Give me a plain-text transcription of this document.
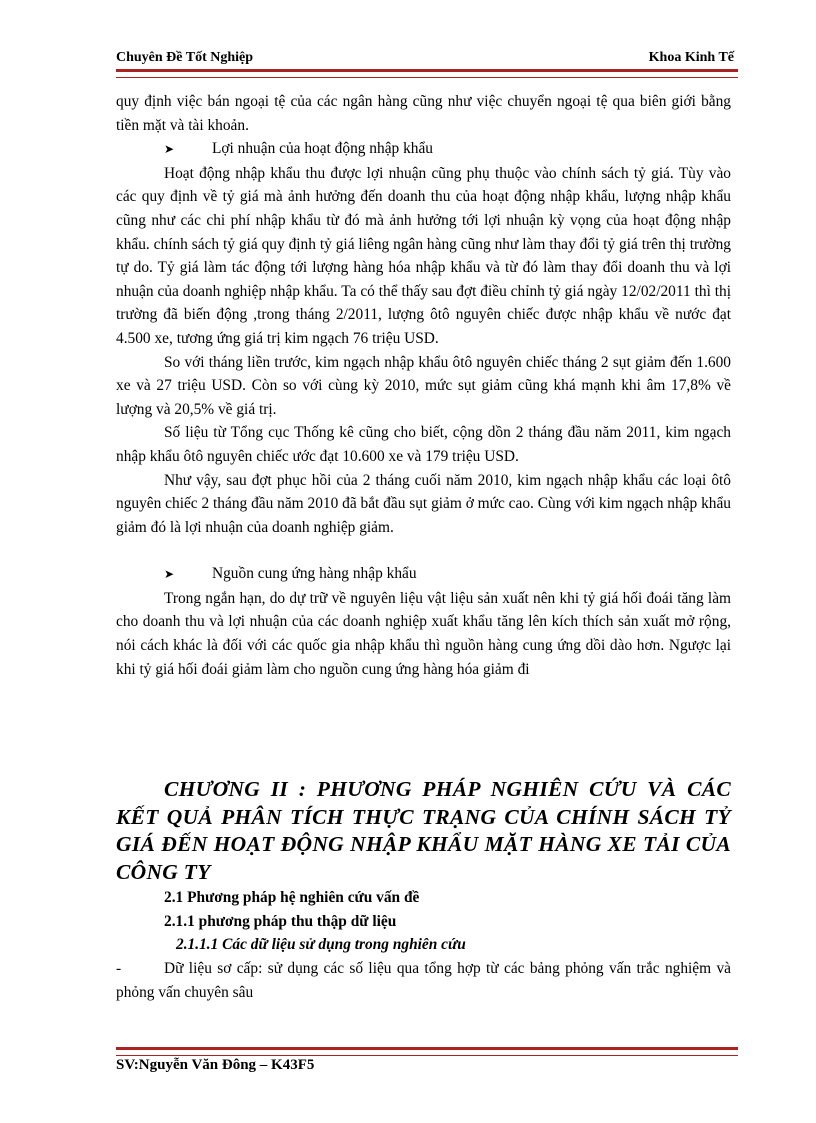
Chuyên Đề Tốt Nghiệp	Khoa Kinh Tế

quy định việc bán ngoại tệ của các ngân hàng cũng như việc chuyển ngoại tệ qua biên giới bằng tiền mặt và tài khoản.

➤ Lợi nhuận của hoạt động nhập khẩu

Hoạt động nhập khẩu thu được lợi nhuận cũng phụ thuộc vào chính sách tỷ giá. Tùy vào các quy định về tỷ giá mà ảnh hưởng đến doanh thu của hoạt động nhập khẩu, lượng nhập khẩu cũng như các chi phí nhập khẩu từ đó mà ảnh hưởng tới lợi nhuận kỳ vọng của hoạt động nhập khẩu. chính sách tỷ giá quy định tỷ giá liêng ngân hàng cũng như làm thay đổi tỷ giá trên thị trường tự do. Tỷ giá làm tác động tới lượng hàng hóa nhập khẩu và từ đó làm thay đổi doanh thu và lợi nhuận của doanh nghiệp nhập khẩu. Ta có thể thấy sau đợt điều chỉnh tỷ giá ngày 12/02/2011 thì thị trường đã biến động ,trong tháng 2/2011, lượng ôtô nguyên chiếc được nhập khẩu về nước đạt 4.500 xe, tương ứng giá trị kim ngạch 76 triệu USD.

So với tháng liền trước, kim ngạch nhập khẩu ôtô nguyên chiếc tháng 2 sụt giảm đến 1.600 xe và 27 triệu USD. Còn so với cùng kỳ 2010, mức sụt giảm cũng khá mạnh khi âm 17,8% về lượng và 20,5% về giá trị.

Số liệu từ Tổng cục Thống kê cũng cho biết, cộng dồn 2 tháng đầu năm 2011, kim ngạch nhập khẩu ôtô nguyên chiếc ước đạt 10.600 xe và 179 triệu USD.

Như vậy, sau đợt phục hồi của 2 tháng cuối năm 2010, kim ngạch nhập khẩu các loại ôtô nguyên chiếc 2 tháng đầu năm 2010 đã bắt đầu sụt giảm ở mức cao. Cùng với kim ngạch nhập khẩu giảm đó là lợi nhuận của doanh nghiệp giảm.

➤ Nguồn cung ứng hàng nhập khẩu

Trong ngắn hạn, do dự trữ về nguyên liệu vật liệu sản xuất nên khi tỷ giá hối đoái tăng làm cho doanh thu và lợi nhuận của các doanh nghiệp xuất khẩu tăng lên kích thích sản xuất mở rộng, nói cách khác là đối với các quốc gia nhập khẩu thì nguồn hàng cung ứng dồi dào hơn. Ngược lại khi tỷ giá hối đoái giảm làm cho nguồn cung ứng hàng hóa giảm đi

CHƯƠNG II : PHƯƠNG PHÁP NGHIÊN CỨU VÀ CÁC KẾT QUẢ PHÂN TÍCH THỰC TRẠNG CỦA CHÍNH SÁCH TỶ GIÁ ĐẾN HOẠT ĐỘNG NHẬP KHẨU MẶT HÀNG XE TẢI CỦA CÔNG TY

2.1 Phương pháp hệ nghiên cứu vấn đề

2.1.1 phương pháp thu thập dữ liệu

2.1.1.1 Các dữ liệu sử dụng trong nghiên cứu

-	Dữ liệu sơ cấp: sử dụng các số liệu qua tổng hợp từ các bảng phỏng vấn trắc nghiệm và phỏng vấn chuyên sâu

SV:Nguyễn Văn Đông – K43F5
